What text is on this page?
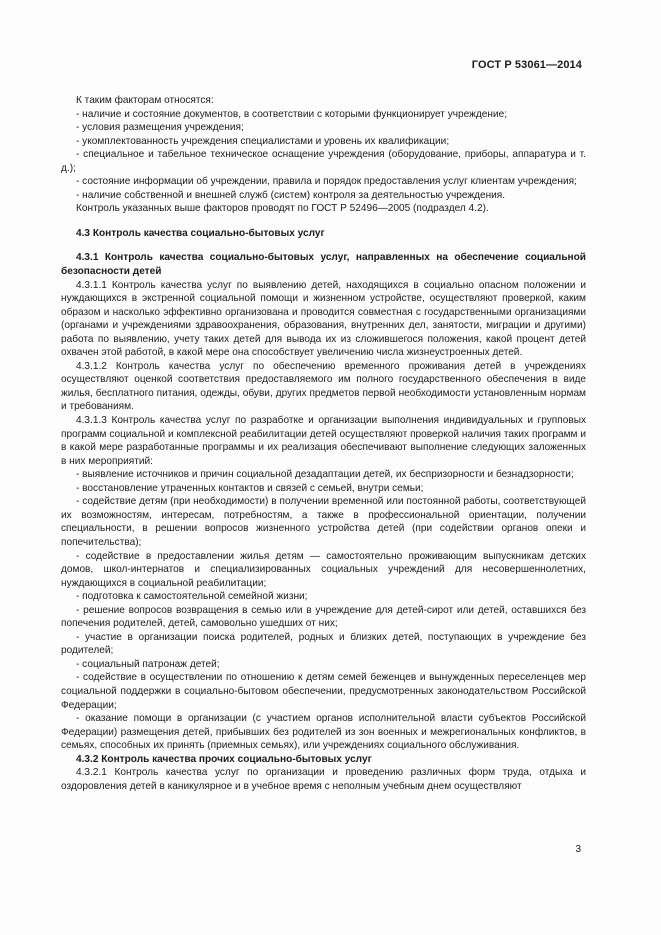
ГОСТ Р 53061—2014

К таким факторам относятся:

- наличие и состояние документов, в соответствии с которыми функционирует учреждение;

- условия размещения учреждения;

- укомплектованность учреждения специалистами и уровень их квалификации;

- специальное и табельное техническое оснащение учреждения (оборудование, приборы, аппаратура и т. д.);

- состояние информации об учреждении, правила и порядок предоставления услуг клиентам учреждения;

- наличие собственной и внешней служб (систем) контроля за деятельностью учреждения.

Контроль указанных выше факторов проводят по ГОСТ Р 52496—2005 (подраздел 4.2).

4.3 Контроль качества социально-бытовых услуг

4.3.1 Контроль качества социально-бытовых услуг, направленных на обеспечение социальной безопасности детей

4.3.1.1 Контроль качества услуг по выявлению детей, находящихся в социально опасном положении и нуждающихся в экстренной социальной помощи и жизненном устройстве, осуществляют проверкой, каким образом и насколько эффективно организована и проводится совместная с государственными организациями (органами и учреждениями здравоохранения, образования, внутренних дел, занятости, миграции и другими) работа по выявлению, учету таких детей для вывода их из сложившегося положения, какой процент детей охвачен этой работой, в какой мере она способствует увеличению числа жизнеустроенных детей.

4.3.1.2 Контроль качества услуг по обеспечению временного проживания детей в учреждениях осуществляют оценкой соответствия предоставляемого им полного государственного обеспечения в виде жилья, бесплатного питания, одежды, обуви, других предметов первой необходимости установленным нормам и требованиям.

4.3.1.3 Контроль качества услуг по разработке и организации выполнения индивидуальных и групповых программ социальной и комплексной реабилитации детей осуществляют проверкой наличия таких программ и в какой мере разработанные программы и их реализация обеспечивают выполнение следующих заложенных в них мероприятий:

- выявление источников и причин социальной дезадаптации детей, их беспризорности и безнадзорности;

- восстановление утраченных контактов и связей с семьей, внутри семьи;

- содействие детям (при необходимости) в получении временной или постоянной работы, соответствующей их возможностям, интересам, потребностям, а также в профессиональной ориентации, получении специальности, в решении вопросов жизненного устройства детей (при содействии органов опеки и попечительства);

- содействие в предоставлении жилья детям — самостоятельно проживающим выпускникам детских домов, школ-интернатов и специализированных социальных учреждений для несовершеннолетних, нуждающихся в социальной реабилитации;

- подготовка к самостоятельной семейной жизни;

- решение вопросов возвращения в семью или в учреждение для детей-сирот или детей, оставшихся без попечения родителей, детей, самовольно ушедших от них;

- участие в организации поиска родителей, родных и близких детей, поступающих в учреждение без родителей;

- социальный патронаж детей;

- содействие в осуществлении по отношению к детям семей беженцев и вынужденных переселенцев мер социальной поддержки в социально-бытовом обеспечении, предусмотренных законодательством Российской Федерации;

- оказание помощи в организации (с участием органов исполнительной власти субъектов Российской Федерации) размещения детей, прибывших без родителей из зон военных и межрегиональных конфликтов, в семьях, способных их принять (приемных семьях), или учреждениях социального обслуживания.

4.3.2 Контроль качества прочих социально-бытовых услуг

4.3.2.1 Контроль качества услуг по организации и проведению различных форм труда, отдыха и оздоровления детей в каникулярное и в учебное время с неполным учебным днем осуществляют

3
